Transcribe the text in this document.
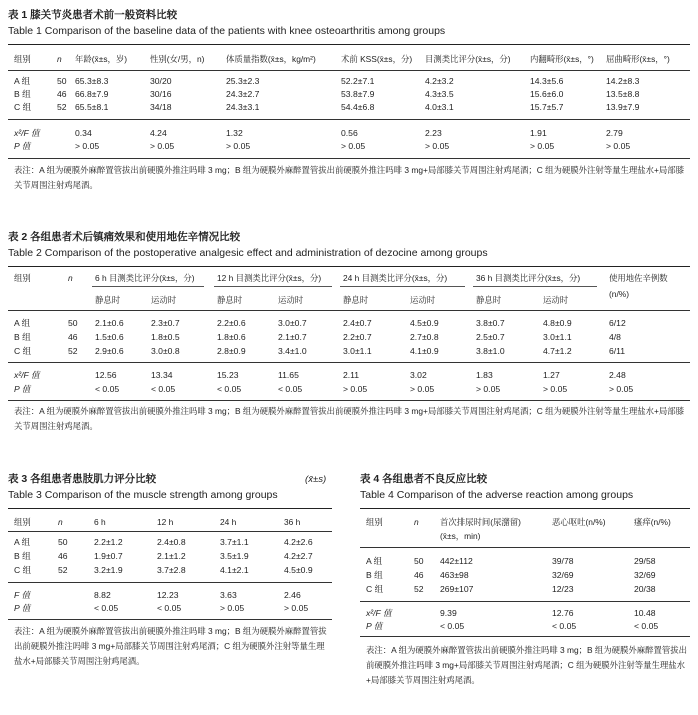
表 1 膝关节炎患者术前一般资料比较
Table 1 Comparison of the baseline data of the patients with knee osteoarthritis among groups
组别	n 年龄(x̄±s，岁)	性别(女/男，n)	体质量指数(x̄±s，kg/m²)	术前 KSS(x̄±s，分) 目测类比评分(x̄±s，分) 内翻畸形(x̄±s，°) 屈曲畸形(x̄±s，°)
A 组	50 65.3±8.3	30/20	25.3±2.3	52.2±7.1	4.2±3.2	14.3±5.6	14.2±8.3
B 组	46 66.8±7.9	30/16	24.3±2.7	53.8±7.9	4.3±3.5	15.6±6.0	13.5±8.8
C 组	52 65.5±8.1	34/18	24.3±3.1	54.4±6.8	4.0±3.1	15.7±5.7	13.9±7.9
x²/F 值	0.34	4.24	1.32	0.56	2.23	1.91	2.79
P 值	> 0.05	> 0.05	> 0.05	> 0.05	> 0.05	> 0.05	> 0.05
表注：A 组为硬膜外麻醉置管拔出前硬膜外推注吗啡 3 mg；B 组为硬膜外麻醉置管拔出前硬膜外推注吗啡 3 mg+局部膝关节周围注射鸡尾酒；C 组为硬膜外注射等量生理盐水+局部膝关节周围注射鸡尾酒。
表 2 各组患者术后镇痛效果和使用地佐辛情况比较
Table 2 Comparison of the postoperative analgesic effect and administration of dezocine among groups
组别	n	6 h 目测类比评分(x̄±s，分)	12 h 目测类比评分(x̄±s，分)	24 h 目测类比评分(x̄±s，分)	36 h 目测类比评分(x̄±s，分)	使用地佐辛例数
(n/%)
静息时	运动时	静息时	运动时	静息时	运动时	静息时	运动时
A 组	50 2.1±0.6	2.3±0.7	2.2±0.6	3.0±0.7	2.4±0.7	4.5±0.9	3.8±0.7	4.8±0.9	6/12
B 组	46 1.5±0.6	1.8±0.5	1.8±0.6	2.1±0.7	2.2±0.7	2.7±0.8	2.5±0.7	3.0±1.1	4/8
C 组	52 2.9±0.6	3.0±0.8	2.8±0.9	3.4±1.0	3.0±1.1	4.1±0.9	3.8±1.0	4.7±1.2	6/11
x²/F 值	12.56	13.34	15.23	11.65	2.11	3.02	1.83	1.27	2.48
P 值	< 0.05	< 0.05	< 0.05	< 0.05	> 0.05	> 0.05	> 0.05	> 0.05	> 0.05
表注：A 组为硬膜外麻醉置管拔出前硬膜外推注吗啡 3 mg；B 组为硬膜外麻醉置管拔出前硬膜外推注吗啡 3 mg+局部膝关节周围注射鸡尾酒；C 组为硬膜外注射等量生理盐水+局部膝关节周围注射鸡尾酒。
表 3 各组患者患肢肌力评分比较	(x̄±s)
Table 3 Comparison of the muscle strength among groups
组别	n	6 h	12 h	24 h	36 h
A 组	50	2.2±1.2	2.4±0.8	3.7±1.1	4.2±2.6
B 组	46	1.9±0.7	2.1±1.2	3.5±1.9	4.2±2.7
C 组	52	3.2±1.9	3.7±2.8	4.1±2.1	4.5±0.9
F 值	8.82	12.23	3.63	2.46
P 值	< 0.05	< 0.05	> 0.05	> 0.05
表注：A 组为硬膜外麻醉置管拔出前硬膜外推注吗啡 3 mg；B 组为硬膜外麻醉置管拔出前硬膜外推注吗啡 3 mg+局部膝关节周围注射鸡尾酒；C 组为硬膜外注射等量生理盐水+局部膝关节周围注射鸡尾酒。
表 4 各组患者不良反应比较
Table 4 Comparison of the adverse reaction among groups
组别	n	首次排尿时间(尿潴留)
(x̄±s，min)
恶心呕吐(n/%)	瘙痒(n/%)
A 组	50 442±112	39/78	29/58
B 组	46 463±98	32/69	32/69
C 组	52 269±107	12/23	20/38
x²/F 值	9.39	12.76	10.48
P 值	< 0.05	< 0.05	< 0.05
表注：A 组为硬膜外麻醉置管拔出前硬膜外推注吗啡 3 mg；B 组为硬膜外麻醉置管拔出前硬膜外推注吗啡 3 mg+局部膝关节周围注射鸡尾酒；C 组为硬膜外注射等量生理盐水+局部膝关节周围注射鸡尾酒。
